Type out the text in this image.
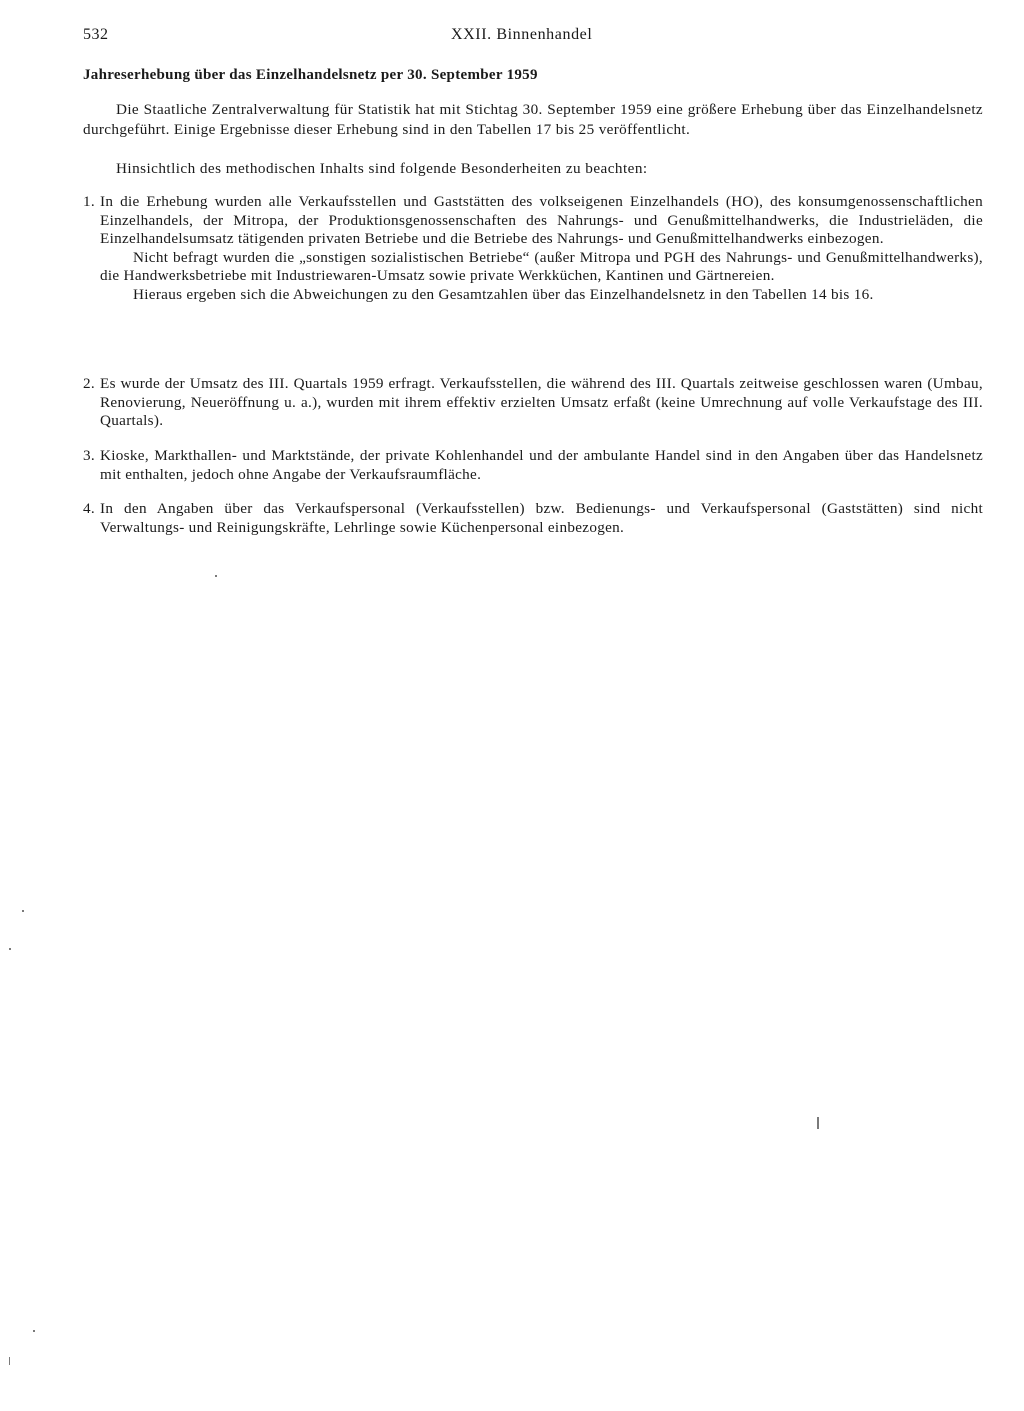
532	XXII. Binnenhandel
Jahreserhebung über das Einzelhandelsnetz per 30. September 1959

Die Staatliche Zentralverwaltung für Statistik hat mit Stichtag 30. September 1959 eine größere Erhebung über das Einzelhandelsnetz durchgeführt. Einige Ergebnisse dieser Erhebung sind in den Tabellen 17 bis 25 veröffentlicht.

Hinsichtlich des methodischen Inhalts sind folgende Besonderheiten zu beachten:

1. In die Erhebung wurden alle Verkaufsstellen und Gaststätten des volkseigenen Einzelhandels (HO), des konsumgenossenschaftlichen Einzelhandels, der Mitropa, der Produktionsgenossenschaften des Nahrungs- und Genußmittelhandwerks, die Industrieläden, die Einzelhandelsumsatz tätigenden privaten Betriebe und die Betriebe des Nahrungs- und Genußmittelhandwerks einbezogen.

Nicht befragt wurden die „sonstigen sozialistischen Betriebe“ (außer Mitropa und PGH des Nahrungs- und Genußmittelhandwerks), die Handwerksbetriebe mit Industriewaren-Umsatz sowie private Werkküchen, Kantinen und Gärtnereien.

Hieraus ergeben sich die Abweichungen zu den Gesamtzahlen über das Einzelhandelsnetz in den Tabellen 14 bis 16.

2. Es wurde der Umsatz des III. Quartals 1959 erfragt. Verkaufsstellen, die während des III. Quartals zeitweise geschlossen waren (Umbau, Renovierung, Neueröffnung u. a.), wurden mit ihrem effektiv erzielten Umsatz erfaßt (keine Umrechnung auf volle Verkaufstage des III. Quartals).

3. Kioske, Markthallen- und Marktstände, der private Kohlenhandel und der ambulante Handel sind in den Angaben über das Handelsnetz mit enthalten, jedoch ohne Angabe der Verkaufsraumfläche.

4. In den Angaben über das Verkaufspersonal (Verkaufsstellen) bzw. Bedienungs- und Verkaufspersonal (Gaststätten) sind nicht Verwaltungs- und Reinigungskräfte, Lehrlinge sowie Küchenpersonal einbezogen.
